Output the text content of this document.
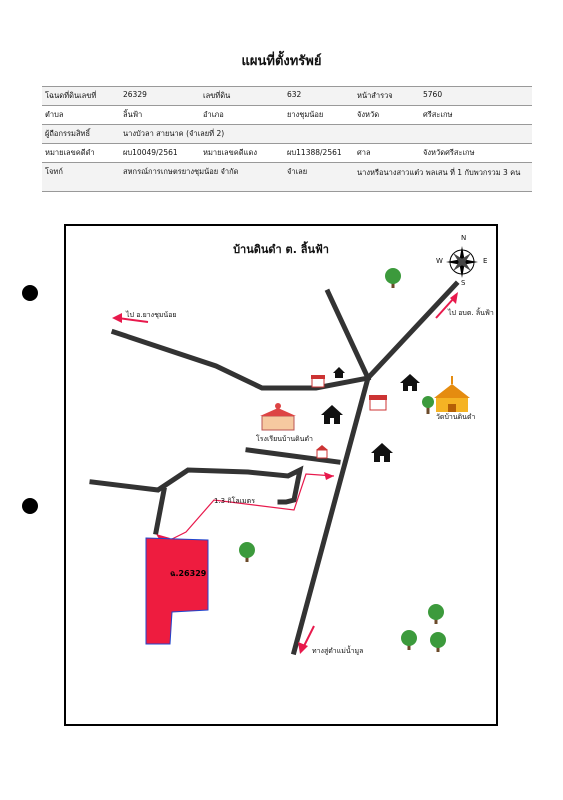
แผนที่ตั้งทรัพย์
โฉนดที่ดินเลขที่	26329	เลขที่ดิน	632	หน้าสำรวจ	5760
ตำบล	ลิ้นฟ้า	อำเภอ	ยางชุมน้อย	จังหวัด	ศรีสะเกษ
ผู้ถือกรรมสิทธิ์	นางบัวลา สายนาค (จำเลยที่ 2)				
หมายเลขคดีดำ	ผบ10049/2561	หมายเลขคดีแดง	ผบ11388/2561	ศาล	จังหวัดศรีสะเกษ
โจทก์	สหกรณ์การเกษตรยางชุมน้อย จำกัด		จำเลย	นางหรือนางสาวแต๋ว พลเสน ที่ 1 กับพวกรวม 3 คน	
บ้านดินดำ ต. ลิ้นฟ้า
N
S
E
W
ไป อ.ยางชุมน้อย	ไป อบต. ลิ้นฟ้า
โรงเรียนบ้านดินดำ
วัดบ้านดินดำ
1.3 กิโลเมตร
ฉ.26329
ทางสู่ตำแม่น้ำมูล
